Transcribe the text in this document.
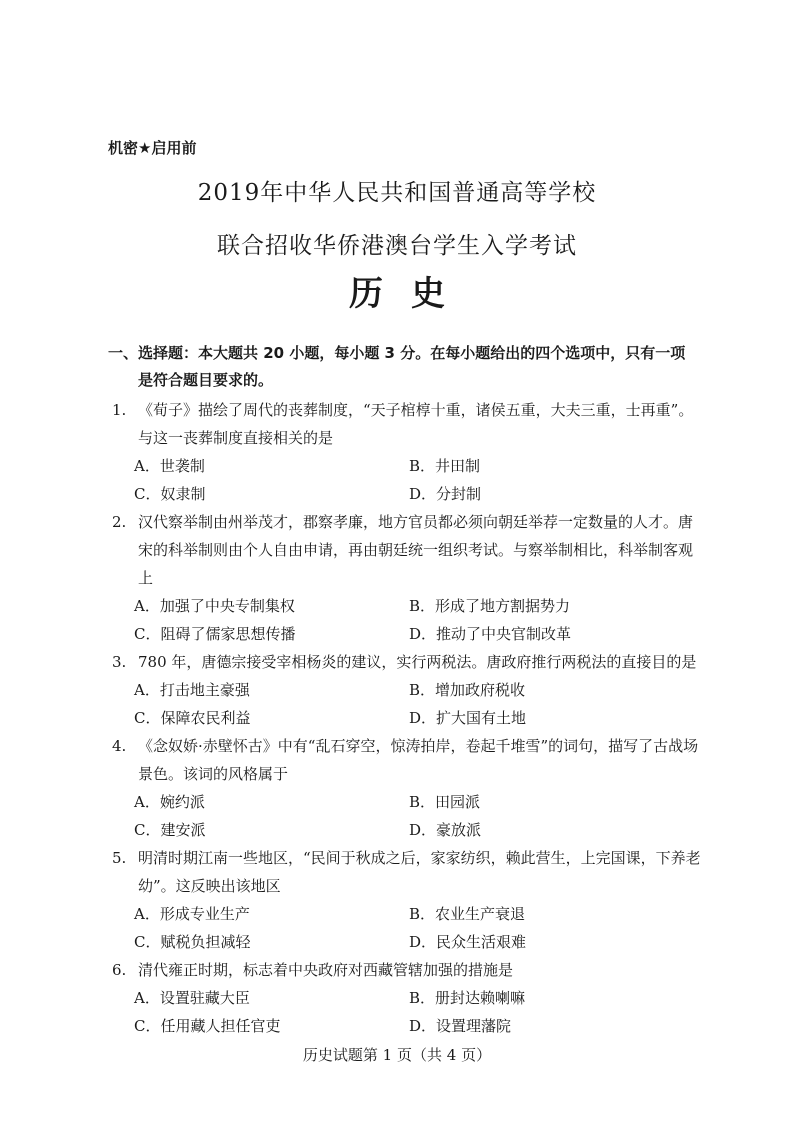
机密★启用前
2019年中华人民共和国普通高等学校
联合招收华侨港澳台学生入学考试
历史
一、选择题：本大题共 20 小题，每小题 3 分。在每小题给出的四个选项中，只有一项
是符合题目要求的。
1. 《荀子》描绘了周代的丧葬制度，“天子棺椁十重，诸侯五重，大夫三重，士再重”。与这一丧葬制度直接相关的是
A．世袭制	B．井田制
C．奴隶制	D．分封制
2. 汉代察举制由州举茂才，郡察孝廉，地方官员都必须向朝廷举荐一定数量的人才。唐宋的科举制则由个人自由申请，再由朝廷统一组织考试。与察举制相比，科举制客观上
A．加强了中央专制集权	B．形成了地方割据势力
C．阻碍了儒家思想传播	D．推动了中央官制改革
3. 780 年，唐德宗接受宰相杨炎的建议，实行两税法。唐政府推行两税法的直接目的是
A．打击地主豪强	B．增加政府税收
C．保障农民利益	D．扩大国有土地
4. 《念奴娇·赤壁怀古》中有“乱石穿空，惊涛拍岸，卷起千堆雪”的词句，描写了古战场景色。该词的风格属于
A．婉约派	B．田园派
C．建安派	D．豪放派
5. 明清时期江南一些地区，“民间于秋成之后，家家纺织，赖此营生，上完国课，下养老幼”。这反映出该地区
A．形成专业生产	B．农业生产衰退
C．赋税负担减轻	D．民众生活艰难
6. 清代雍正时期，标志着中央政府对西藏管辖加强的措施是
A．设置驻藏大臣	B．册封达赖喇嘛
C．任用藏人担任官吏	D．设置理藩院
历史试题第 1 页（共 4 页）
